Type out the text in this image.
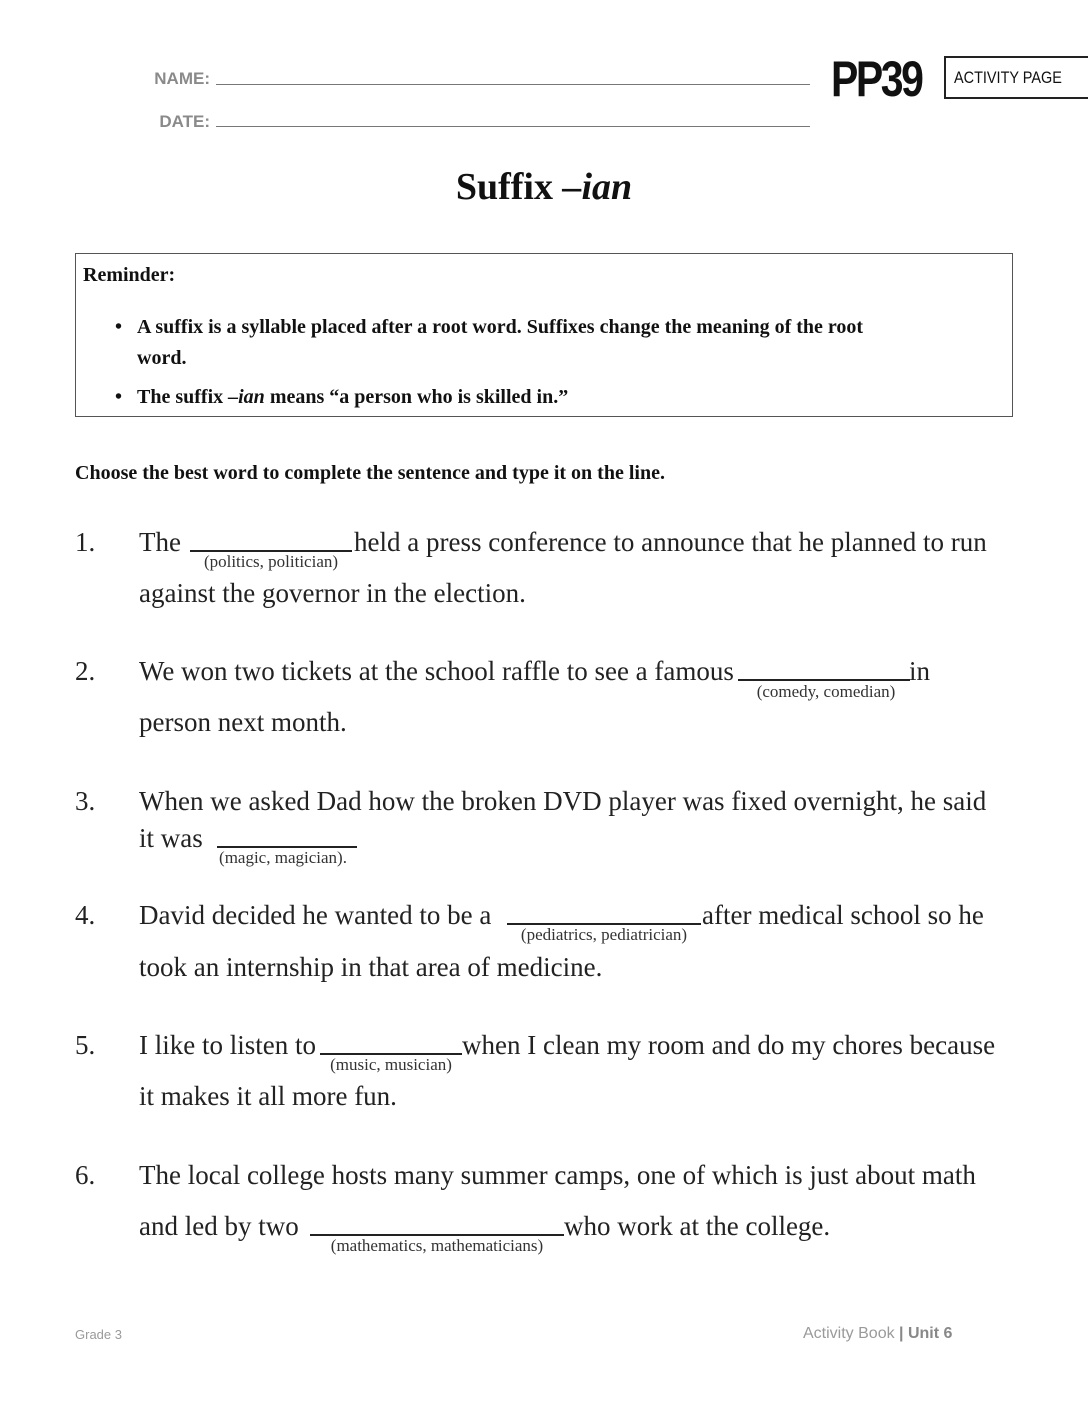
NAME:
DATE:
PP39 ACTIVITY PAGE
Suffix –ian
Reminder:
• A suffix is a syllable placed after a root word. Suffixes change the meaning of the root
word.
• The suffix –ian means “a person who is skilled in.”
Choose the best word to complete the sentence and type it on the line.
1. The
(politics, politician)
held a press conference to announce that he planned to run
against the governor in the election.
2. We won two tickets at the school raffle to see a famous
(comedy, comedian)
in
person next month.
3. When we asked Dad how the broken DVD player was fixed overnight, he said
it was
(magic, magician).
4. David decided he wanted to be a
(pediatrics, pediatrician)
after medical school so he
took an internship in that area of medicine.
5. I like to listen to
(music, musician)
when I clean my room and do my chores because
it makes it all more fun.
6. The local college hosts many summer camps, one of which is just about math
and led by two
(mathematics, mathematicians)
who work at the college.
Grade 3	Activity Book | Unit 6
